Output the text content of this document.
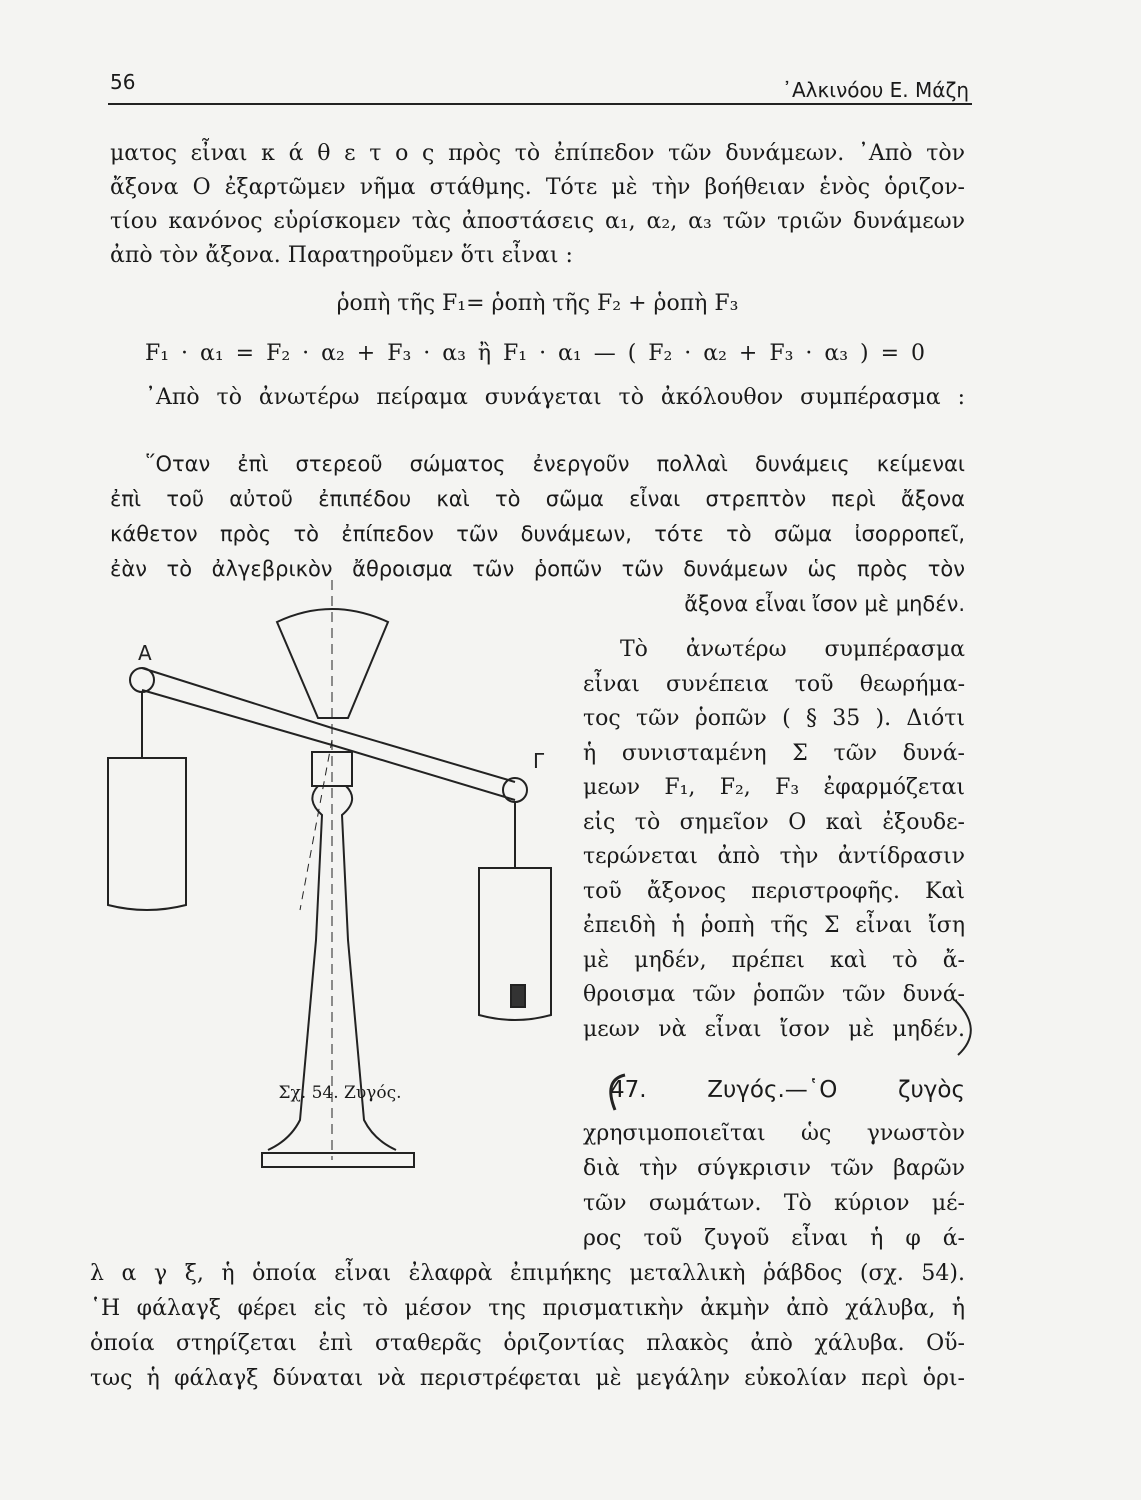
56	᾿Αλκινόου Ε. Μάζη
ματος εἶναι κ ά θ ε τ ο ς πρὸς τὸ ἐπίπεδον τῶν δυνάμεων. ᾿Απὸ τὸν
ἄξονα Ο ἐξαρτῶμεν νῆμα στάθμης. Τότε μὲ τὴν βοήθειαν ἑνὸς ὁριζον-
τίου κανόνος εὑρίσκομεν τὰς ἀποστάσεις α₁, α₂, α₃ τῶν τριῶν δυνάμεων
ἀπὸ τὸν ἄξονα. Παρατηροῦμεν ὅτι εἶναι :
ῥοπὴ τῆς F₁= ῥοπὴ τῆς F₂ + ῥοπὴ F₃
F₁ · α₁ = F₂ · α₂ + F₃ · α₃ ἢ F₁ · α₁ — ( F₂ · α₂ + F₃ · α₃ ) = 0
᾿Απὸ τὸ ἀνωτέρω πείραμα συνάγεται τὸ ἀκόλουθον συμπέρασμα :
῞Οταν ἐπὶ στερεοῦ σώματος ἐνεργοῦν πολλαὶ δυνάμεις κείμεναι
ἐπὶ τοῦ αὐτοῦ ἐπιπέδου καὶ τὸ σῶμα εἶναι στρεπτὸν περὶ ἄξονα
κάθετον πρὸς τὸ ἐπίπεδον τῶν δυνάμεων, τότε τὸ σῶμα ἰσορροπεῖ,
ἐὰν τὸ ἀλγεβρικὸν ἄθροισμα τῶν ῥοπῶν τῶν δυνάμεων ὡς πρὸς τὸν
ἄξονα εἶναι ἴσον μὲ μηδέν.
Τὸ ἀνωτέρω συμπέρασμα
εἶναι συνέπεια τοῦ θεωρήμα-
τος τῶν ῥοπῶν ( § 35 ). Διότι
ἡ συνισταμένη Σ τῶν δυνά-
μεων F₁, F₂, F₃ ἐφαρμόζεται
εἰς τὸ σημεῖον Ο καὶ ἐξουδε-
τερώνεται ἀπὸ τὴν ἀντίδρασιν
τοῦ ἄξονος περιστροφῆς. Καὶ
ἐπειδὴ ἡ ῥοπὴ τῆς Σ εἶναι ἴση
μὲ μηδέν, πρέπει καὶ τὸ ἄ-
θροισμα τῶν ῥοπῶν τῶν δυνά-
μεων νὰ εἶναι ἴσον μὲ μηδέν.
47. Ζυγός.—῾Ο ζυγὸς
χρησιμοποιεῖται ὡς γνωστὸν
διὰ τὴν σύγκρισιν τῶν βαρῶν
τῶν σωμάτων. Τὸ κύριον μέ-
ρος τοῦ ζυγοῦ εἶναι ἡ φ ά-
λ α γ ξ, ἡ ὁποία εἶναι ἐλαφρὰ ἐπιμήκης μεταλλικὴ ῥάβδος (σχ. 54).
῾Η φάλαγξ φέρει εἰς τὸ μέσον της πρισματικὴν ἀκμὴν ἀπὸ χάλυβα, ἡ
ὁποία στηρίζεται ἐπὶ σταθερᾶς ὁριζοντίας πλακὸς ἀπὸ χάλυβα. Οὕ-
τως ἡ φάλαγξ δύναται νὰ περιστρέφεται μὲ μεγάλην εὐκολίαν περὶ ὁρι-
Α
Γ
Σχ. 54. Ζυγός.
